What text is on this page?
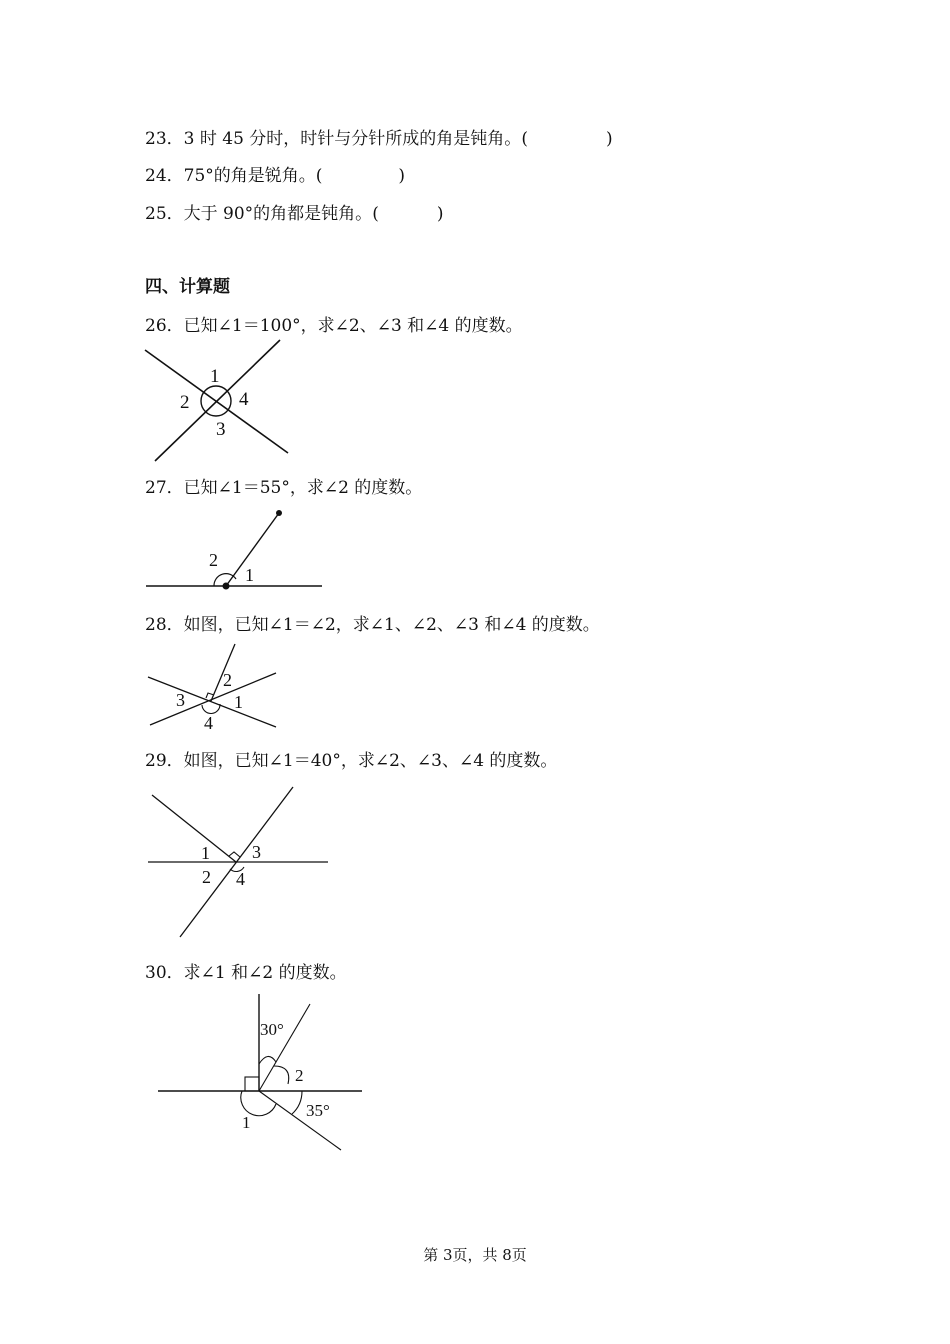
23．3 时 45 分时，时针与分针所成的角是钝角。(	)
24．75°的角是锐角。(	)
25．大于 90°的角都是钝角。(	)
四、计算题
26．已知∠1＝100°，求∠2、∠3 和∠4 的度数。
1
2
3
4
27．已知∠1＝55°，求∠2 的度数。
2
1
28．如图，已知∠1＝∠2，求∠1、∠2、∠3 和∠4 的度数。
3
2
1
4
29．如图，已知∠1＝40°，求∠2、∠3、∠4 的度数。
1 3
2 4
30．求∠1 和∠2 的度数。
30°
2
35°
1
第 3页，共 8页
